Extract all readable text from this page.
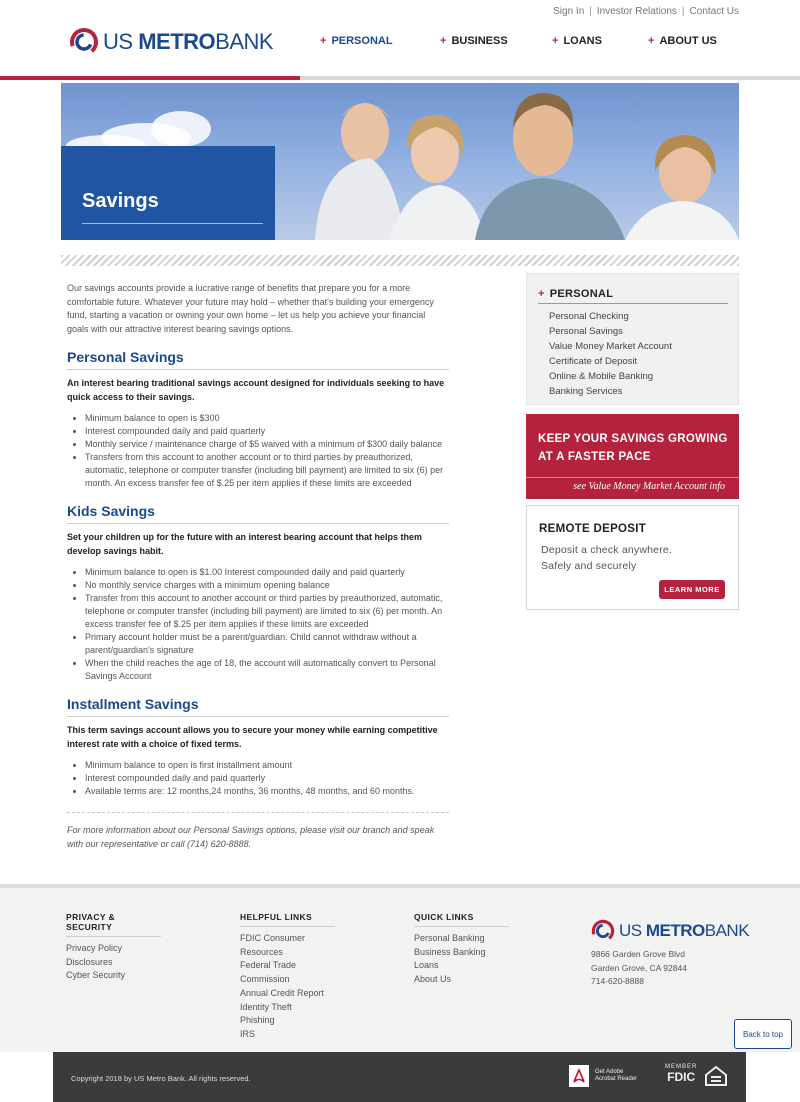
Sign In | Investor Relations | Contact Us
US METROBANK	+ PERSONAL	+ BUSINESS	+ LOANS	+ ABOUT US
Savings

Our savings accounts provide a lucrative range of benefits that prepare you for a more comfortable future. Whatever your future may hold – whether that's building your emergency fund, starting a vacation or owning your own home – let us help you achieve your financial goals with our attractive interest bearing savings options.

Personal Savings

An interest bearing traditional savings account designed for individuals seeking to have quick access to their savings.

Minimum balance to open is $300
Interest compounded daily and paid quarterly
Monthly service / maintenance charge of $5 waived with a minimum of $300 daily balance
Transfers from this account to another account or to third parties by preauthorized, automatic, telephone or computer transfer (including bill payment) are limited to six (6) per month. An excess transfer fee of $.25 per item applies if these limits are exceeded
Kids Savings

Set your children up for the future with an interest bearing account that helps them develop savings habit.

Minimum balance to open is $1.00 Interest compounded daily and paid quarterly
No monthly service charges with a minimum opening balance
Transfer from this account to another account or third parties by preauthorized, automatic, telephone or computer transfer (including bill payment) are limited to six (6) per month. An excess transfer fee of $.25 per item applies if these limits are exceeded
Primary account holder must be a parent/guardian. Child cannot withdraw without a parent/guardian's signature
When the child reaches the age of 18, the account will automatically convert to Personal Savings Account
Installment Savings

This term savings account allows you to secure your money while earning competitive interest rate with a choice of fixed terms.

Minimum balance to open is first installment amount
Interest compounded daily and paid quarterly
Available terms are: 12 months,24 months, 36 months, 48 months, and 60 months.

For more information about our Personal Savings options, please visit our branch and speak with our representative or call (714) 620-8888.

+ PERSONAL
Personal Checking
Personal Savings
Value Money Market Account
Certificate of Deposit
Online & Mobile Banking
Banking Services
KEEP YOUR SAVINGS GROWING AT A FASTER PACE
see Value Money Market Account info
REMOTE DEPOSIT
Deposit a check anywhere.
Safely and securely
LEARN MORE
PRIVACY & SECURITY
Privacy Policy
Disclosures
Cyber Security
HELPFUL LINKS
FDIC Consumer
Resources
Federal Trade
Commission
Annual Credit Report
Identity Theft
Phishing
IRS
QUICK LINKS
Personal Banking
Business Banking
Loans
About Us
US METROBANK
9866 Garden Grove Blvd
Garden Grove, CA 92844
714-620-8888
Back to top
Copyright 2018 by US Metro Bank. All rights reserved.
Get Adobe
Acrobat Reader
MEMBER
FDIC
